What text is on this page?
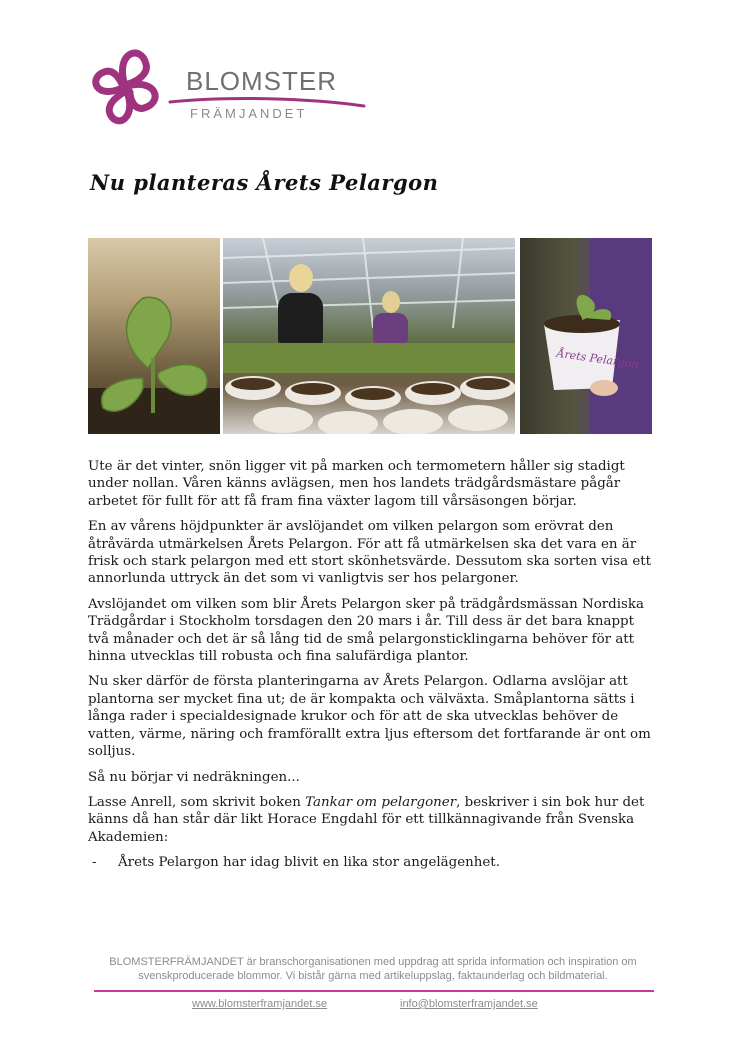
BLOMSTER
FRÄMJANDET
Nu planteras Årets Pelargon
Årets Pelargon

Ute är det vinter, snön ligger vit på marken och termometern håller sig stadigt under nollan. Våren känns avlägsen, men hos landets trädgårdsmästare pågår arbetet för fullt för att få fram fina växter lagom till vårsäsongen börjar.

En av vårens höjdpunkter är avslöjandet om vilken pelargon som erövrat den åtråvärda utmärkelsen Årets Pelargon. För att få utmärkelsen ska det vara en är frisk och stark pelargon med ett stort skönhetsvärde. Dessutom ska sorten visa ett annorlunda uttryck än det som vi vanligtvis ser hos pelargoner.

Avslöjandet om vilken som blir Årets Pelargon sker på trädgårdsmässan Nordiska Trädgårdar i Stockholm torsdagen den 20 mars i år. Till dess är det bara knappt två månader och det är så lång tid de små pelargonsticklingarna behöver för att hinna utvecklas till robusta och fina salufärdiga plantor.

Nu sker därför de första planteringarna av Årets Pelargon. Odlarna avslöjar att plantorna ser mycket fina ut; de är kompakta och välväxta. Småplantorna sätts i långa rader i specialdesignade krukor och för att de ska utvecklas behöver de vatten, värme, näring och framförallt extra ljus eftersom det fortfarande är ont om solljus.

Så nu börjar vi nedräkningen...

Lasse Anrell, som skrivit boken Tankar om pelargoner, beskriver i sin bok hur det känns då han står där likt Horace Engdahl för ett tillkännagivande från Svenska Akademien:

- Årets Pelargon har idag blivit en lika stor angelägenhet.

BLOMSTERFRÄMJANDET är branschorganisationen med uppdrag att sprida information och inspiration om svenskproducerade blommor. Vi bistår gärna med artikeluppslag, faktaunderlag och bildmaterial.
www.blomsterframjandet.se	info@blomsterframjandet.se
